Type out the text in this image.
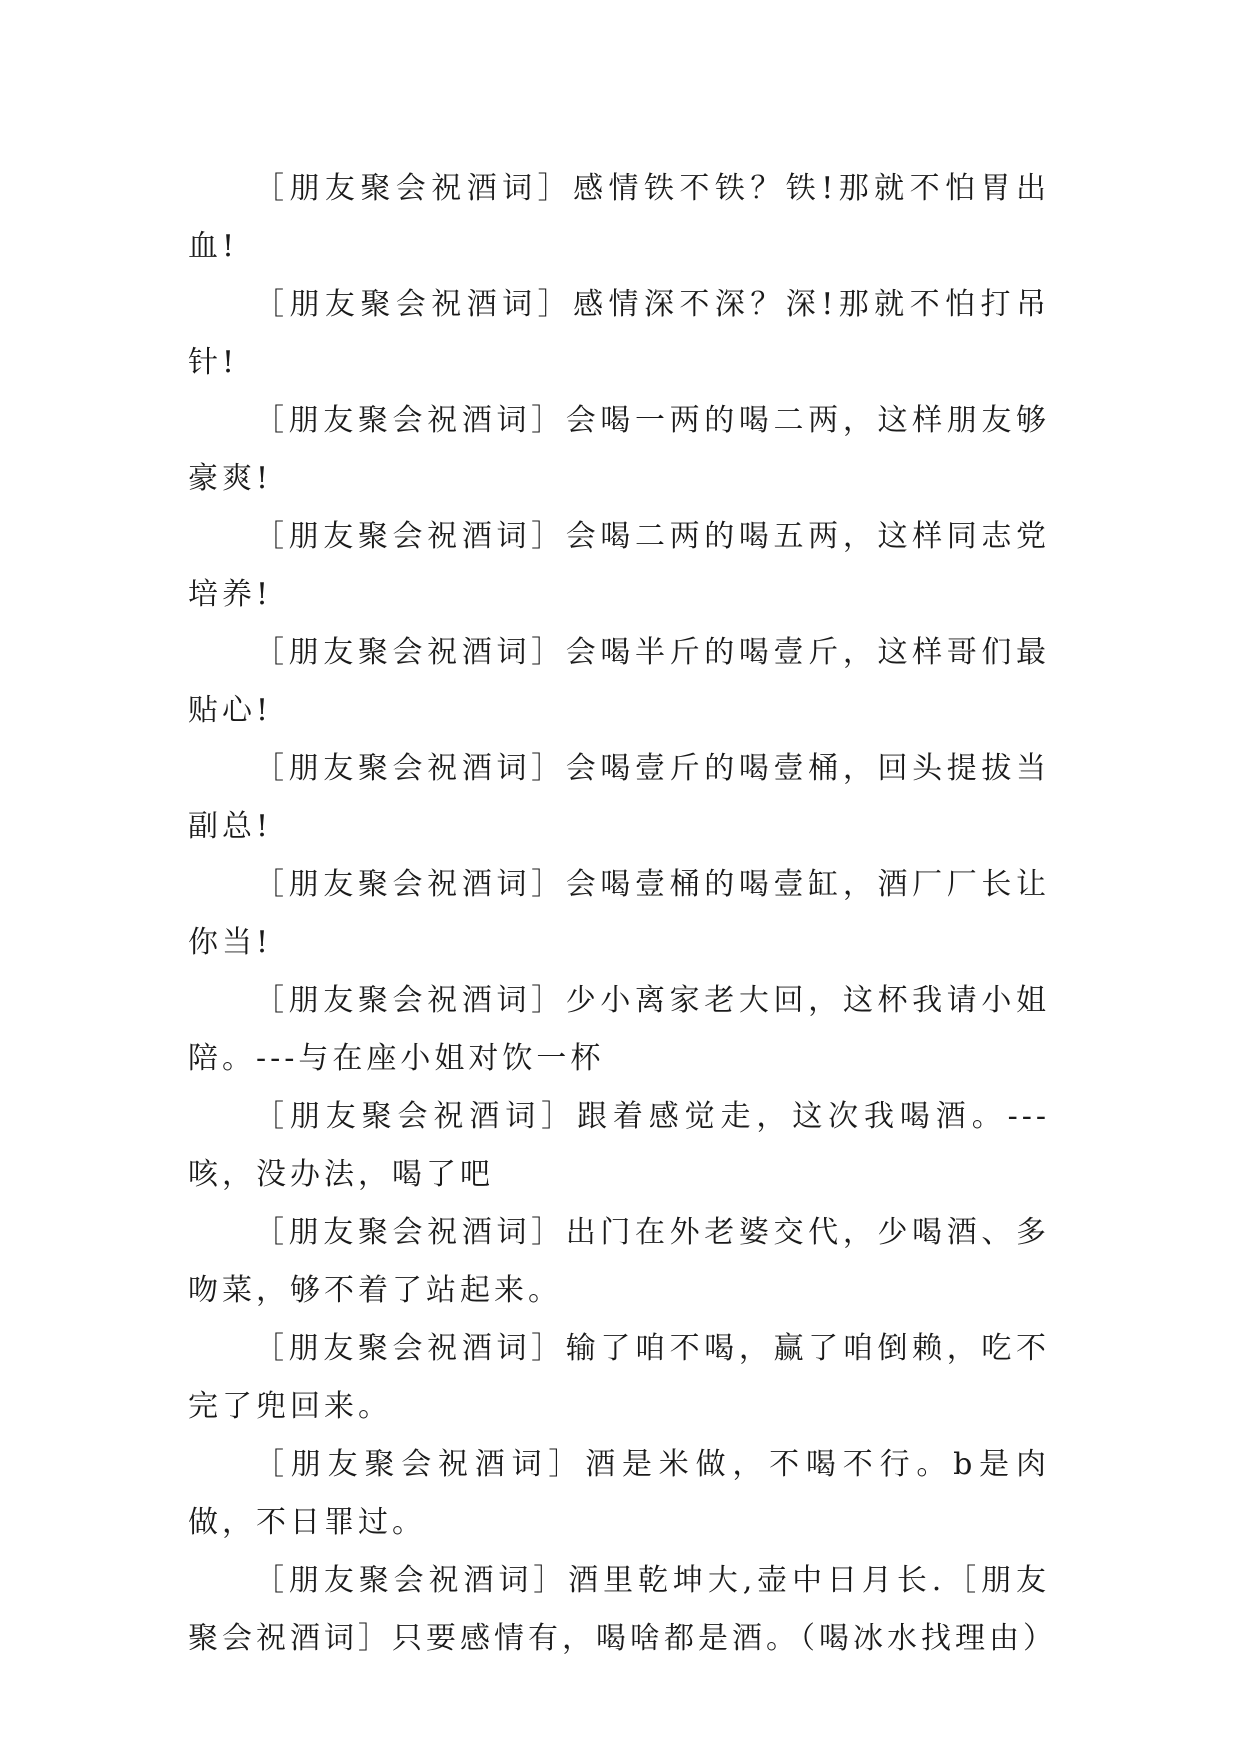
［朋友聚会祝酒词］感情铁不铁？铁!那就不怕胃出血!

［朋友聚会祝酒词］感情深不深？深!那就不怕打吊针!

［朋友聚会祝酒词］会喝一两的喝二两，这样朋友够豪爽!

［朋友聚会祝酒词］会喝二两的喝五两，这样同志党培养!

［朋友聚会祝酒词］会喝半斤的喝壹斤，这样哥们最贴心!

［朋友聚会祝酒词］会喝壹斤的喝壹桶，回头提拔当副总!

［朋友聚会祝酒词］会喝壹桶的喝壹缸，酒厂厂长让你当!

［朋友聚会祝酒词］少小离家老大回，这杯我请小姐陪。---与在座小姐对饮一杯

［朋友聚会祝酒词］跟着感觉走，这次我喝酒。---咳，没办法，喝了吧

［朋友聚会祝酒词］出门在外老婆交代，少喝酒、多吻菜，够不着了站起来。

［朋友聚会祝酒词］输了咱不喝，赢了咱倒赖，吃不完了兜回来。

［朋友聚会祝酒词］酒是米做，不喝不行。b是肉做，不日罪过。

［朋友聚会祝酒词］酒里乾坤大,壶中日月长.［朋友聚会祝酒词］只要感情有，喝啥都是酒。（喝冰水找理由）
